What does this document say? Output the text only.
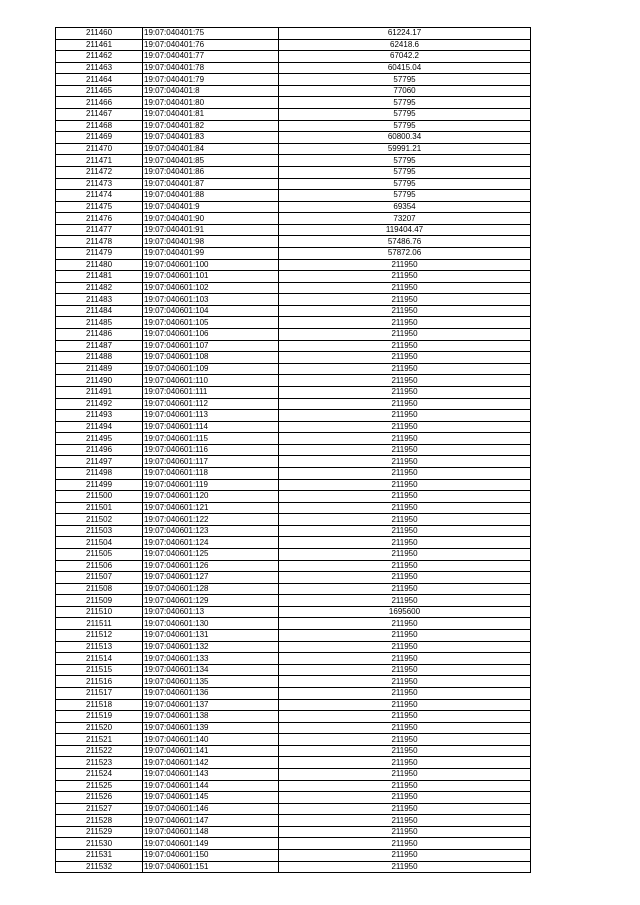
211460	19:07:040401:75	61224.17
211461	19:07:040401:76	62418.6
211462	19:07:040401:77	67042.2
211463	19:07:040401:78	60415.04
211464	19:07:040401:79	57795
211465	19:07:040401:8	77060
211466	19:07:040401:80	57795
211467	19:07:040401:81	57795
211468	19:07:040401:82	57795
211469	19:07:040401:83	60800.34
211470	19:07:040401:84	59991.21
211471	19:07:040401:85	57795
211472	19:07:040401:86	57795
211473	19:07:040401:87	57795
211474	19:07:040401:88	57795
211475	19:07:040401:9	69354
211476	19:07:040401:90	73207
211477	19:07:040401:91	119404.47
211478	19:07:040401:98	57486.76
211479	19:07:040401:99	57872.06
211480	19:07:040601:100	211950
211481	19:07:040601:101	211950
211482	19:07:040601:102	211950
211483	19:07:040601:103	211950
211484	19:07:040601:104	211950
211485	19:07:040601:105	211950
211486	19:07:040601:106	211950
211487	19:07:040601:107	211950
211488	19:07:040601:108	211950
211489	19:07:040601:109	211950
211490	19:07:040601:110	211950
211491	19:07:040601:111	211950
211492	19:07:040601:112	211950
211493	19:07:040601:113	211950
211494	19:07:040601:114	211950
211495	19:07:040601:115	211950
211496	19:07:040601:116	211950
211497	19:07:040601:117	211950
211498	19:07:040601:118	211950
211499	19:07:040601:119	211950
211500	19:07:040601:120	211950
211501	19:07:040601:121	211950
211502	19:07:040601:122	211950
211503	19:07:040601:123	211950
211504	19:07:040601:124	211950
211505	19:07:040601:125	211950
211506	19:07:040601:126	211950
211507	19:07:040601:127	211950
211508	19:07:040601:128	211950
211509	19:07:040601:129	211950
211510	19:07:040601:13	1695600
211511	19:07:040601:130	211950
211512	19:07:040601:131	211950
211513	19:07:040601:132	211950
211514	19:07:040601:133	211950
211515	19:07:040601:134	211950
211516	19:07:040601:135	211950
211517	19:07:040601:136	211950
211518	19:07:040601:137	211950
211519	19:07:040601:138	211950
211520	19:07:040601:139	211950
211521	19:07:040601:140	211950
211522	19:07:040601:141	211950
211523	19:07:040601:142	211950
211524	19:07:040601:143	211950
211525	19:07:040601:144	211950
211526	19:07:040601:145	211950
211527	19:07:040601:146	211950
211528	19:07:040601:147	211950
211529	19:07:040601:148	211950
211530	19:07:040601:149	211950
211531	19:07:040601:150	211950
211532	19:07:040601:151	211950
